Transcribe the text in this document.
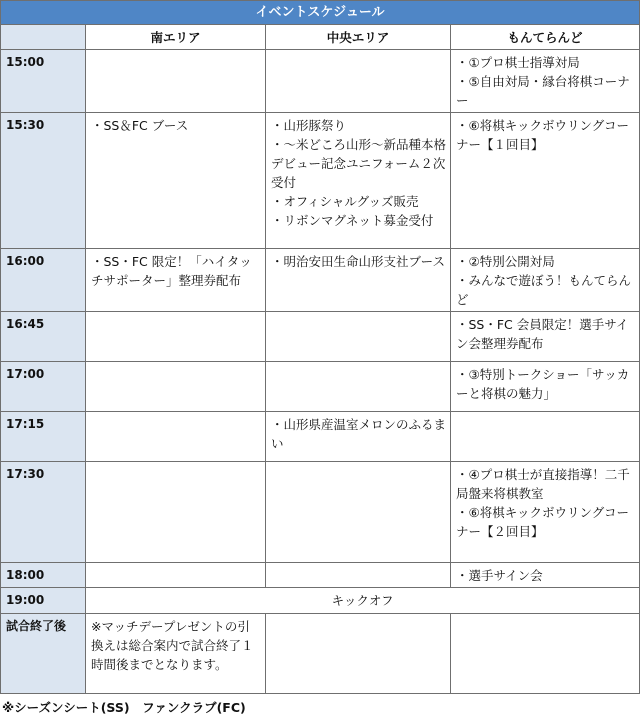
イベントスケジュール			
	南エリア	中央エリア	もんてらんど
15:00			・①プロ棋士指導対局
・⑤自由対局・縁台将棋コーナー

15:30	・SS＆FC ブース	・山形豚祭り
・～米どころ山形～新品種本格デビュー記念ユニフォーム２次受付
・オフィシャルグッズ販売
・リボンマグネット募金受付	・⑥将棋キックボウリングコーナー【１回目】

16:00	・SS・FC 限定！「ハイタッチサポーター」整理券配布	・明治安田生命山形支社ブース	・②特別公開対局
・みんなで遊ぼう！もんてらんど

16:45			・SS・FC 会員限定！選手サイン会整理券配布

17:00			・③特別トークショー「サッカーと将棋の魅力」

17:15		・山形県産温室メロンのふるまい	

17:30			・④プロ棋士が直接指導！二千局盤来将棋教室
・⑥将棋キックボウリングコーナー【２回目】

18:00			・選手サイン会

19:00	キックオフ		
試合終了後	※マッチデープレゼントの引換えは総合案内で試合終了１時間後までとなります。		
※シーズンシート(SS)　ファンクラブ(FC)
